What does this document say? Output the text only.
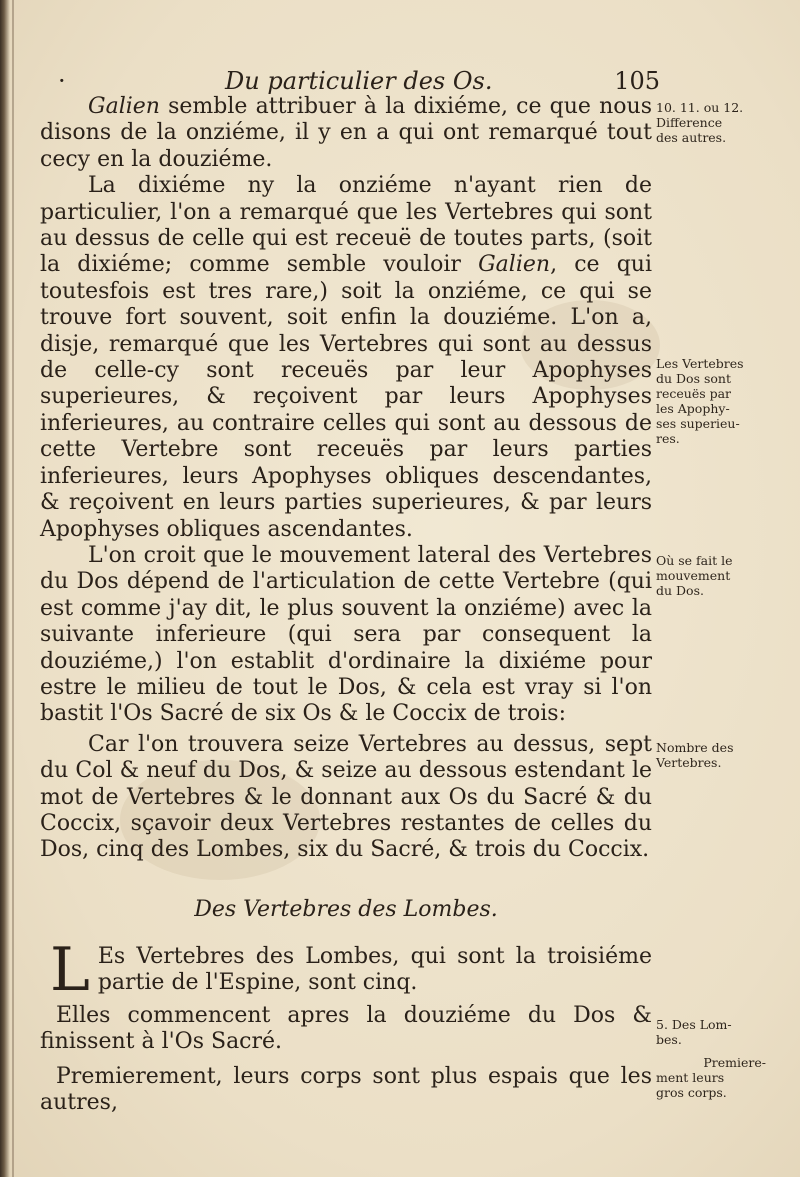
·	Du particulier des Os.	105

Galien semble attribuer à la dixiéme, ce que nous disons de la onziéme, il y en a qui ont remarqué tout cecy en la douziéme.

La dixiéme ny la onziéme n'ayant rien de particulier, l'on a remarqué que les Vertebres qui sont au dessus de celle qui est receuë de toutes parts, (soit la dixiéme; comme semble vouloir Galien, ce qui toutesfois est tres rare,) soit la onziéme, ce qui se trouve fort souvent, soit enfin la douziéme. L'on a, disje, remarqué que les Vertebres qui sont au dessus de celle-cy sont receuës par leur Apophyses superieures, & reçoivent par leurs Apophyses inferieures, au contraire celles qui sont au dessous de cette Vertebre sont receuës par leurs parties inferieures, leurs Apophyses obliques descendantes, & reçoivent en leurs parties superieures, & par leurs Apophyses obliques ascendantes.

L'on croit que le mouvement lateral des Vertebres du Dos dépend de l'articulation de cette Vertebre (qui est comme j'ay dit, le plus souvent la onziéme) avec la suivante inferieure (qui sera par consequent la douziéme,) l'on establit d'ordinaire la dixiéme pour estre le milieu de tout le Dos, & cela est vray si l'on bastit l'Os Sacré de six Os & le Coccix de trois:

Car l'on trouvera seize Vertebres au dessus, sept du Col & neuf du Dos, & seize au dessous estendant le mot de Vertebres & le donnant aux Os du Sacré & du Coccix, sçavoir deux Vertebres restantes de celles du Dos, cinq des Lombes, six du Sacré, & trois du Coccix.

Des Vertebres des Lombes.

L Es Vertebres des Lombes, qui sont la troisiéme partie de l'Espine, sont cinq.

Elles commencent apres la douziéme du Dos & finissent à l'Os Sacré.

Premierement, leurs corps sont plus espais que les autres,

10. 11. ou 12.
Difference
des autres.
Les Vertebres
du Dos sont
receuës par
les Apophy-
ses superieu-
res.
Où se fait le
mouvement
du Dos.
Nombre des
Vertebres.
5. Des Lom-
bes.
Premiere-
ment leurs
gros corps.
